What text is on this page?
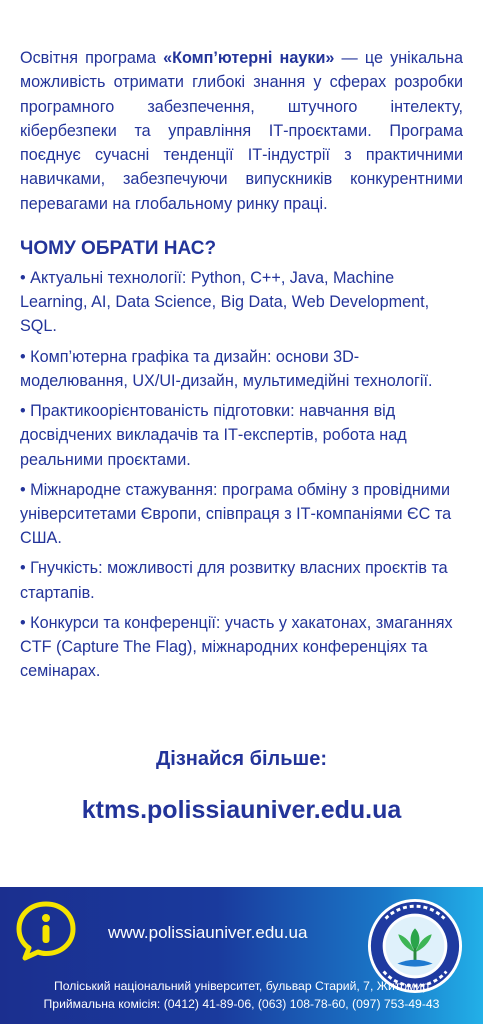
Освітня програма «Комп’ютерні науки» — це унікальна можливість отримати глибокі знання у сферах розробки програмного забезпечення, штучного інтелекту, кібербезпеки та управління ІТ-проєктами. Програма поєднує сучасні тенденції ІТ-індустрії з практичними навичками, забезпечуючи випускників конкурентними перевагами на глобальному ринку праці.

ЧОМУ ОБРАТИ НАС?
• Актуальні технології: Python, C++, Java, Machine Learning, AI, Data Science, Big Data, Web Development, SQL.
• Комп’ютерна графіка та дизайн: основи 3D-моделювання, UX/UI-дизайн, мультимедійні технології.
• Практикоорієнтованість підготовки: навчання від досвідчених викладачів та ІТ-експертів, робота над реальними проєктами.
• Міжнародне стажування: програма обміну з провідними університетами Європи, співпраця з ІТ-компаніями ЄС та США.
• Гнучкість: можливості для розвитку власних проєктів та стартапів.
• Конкурси та конференції: участь у хакатонах, змаганнях CTF (Capture The Flag), міжнародних конференціях та семінарах.
Дізнайся більше:
ktms.polissiauniver.edu.ua
www.polissiauniver.edu.ua
Поліський національний університет, бульвар Старий, 7, Житомир
Приймальна комісія: (0412) 41-89-06, (063) 108-78-60, (097) 753-49-43
